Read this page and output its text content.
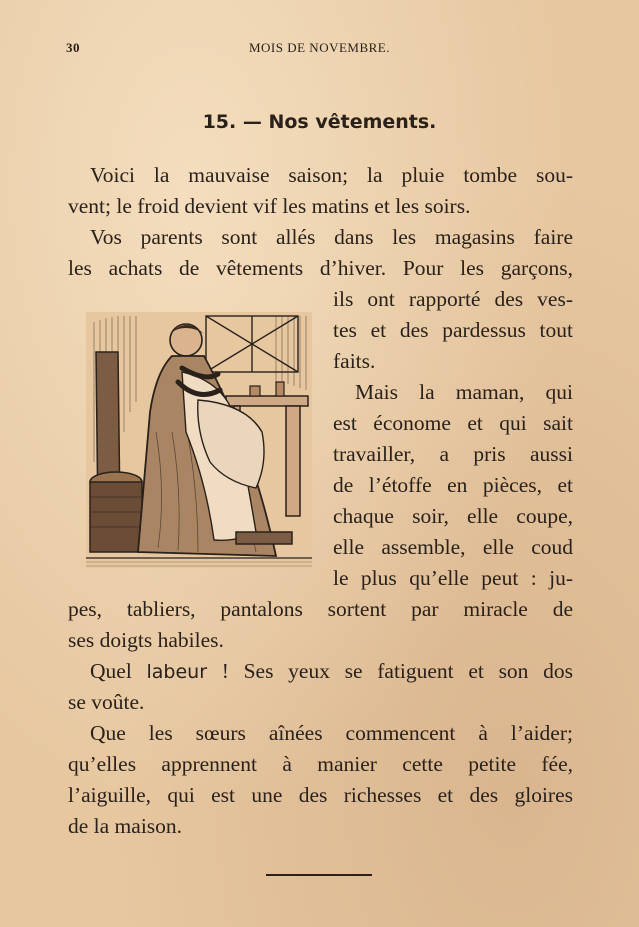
30	MOIS DE NOVEMBRE.
15. — Nos vêtements.
Voici la mauvaise saison; la pluie tombe sou-
vent; le froid devient vif les matins et les soirs.
Vos parents sont allés dans les magasins faire
les achats de vêtements d’hiver. Pour les garçons,
ils ont rapporté des ves-
tes et des pardessus tout
faits.
Mais la maman, qui
est économe et qui sait
travailler, a pris aussi
de l’étoffe en pièces, et
chaque soir, elle coupe,
elle assemble, elle coud
le plus qu’elle peut : ju-
pes, tabliers, pantalons sortent par miracle de
ses doigts habiles.
Quel labeur ! Ses yeux se fatiguent et son dos
se voûte.
Que les sœurs aînées commencent à l’aider;
qu’elles apprennent à manier cette petite fée,
l’aiguille, qui est une des richesses et des gloires
de la maison.
